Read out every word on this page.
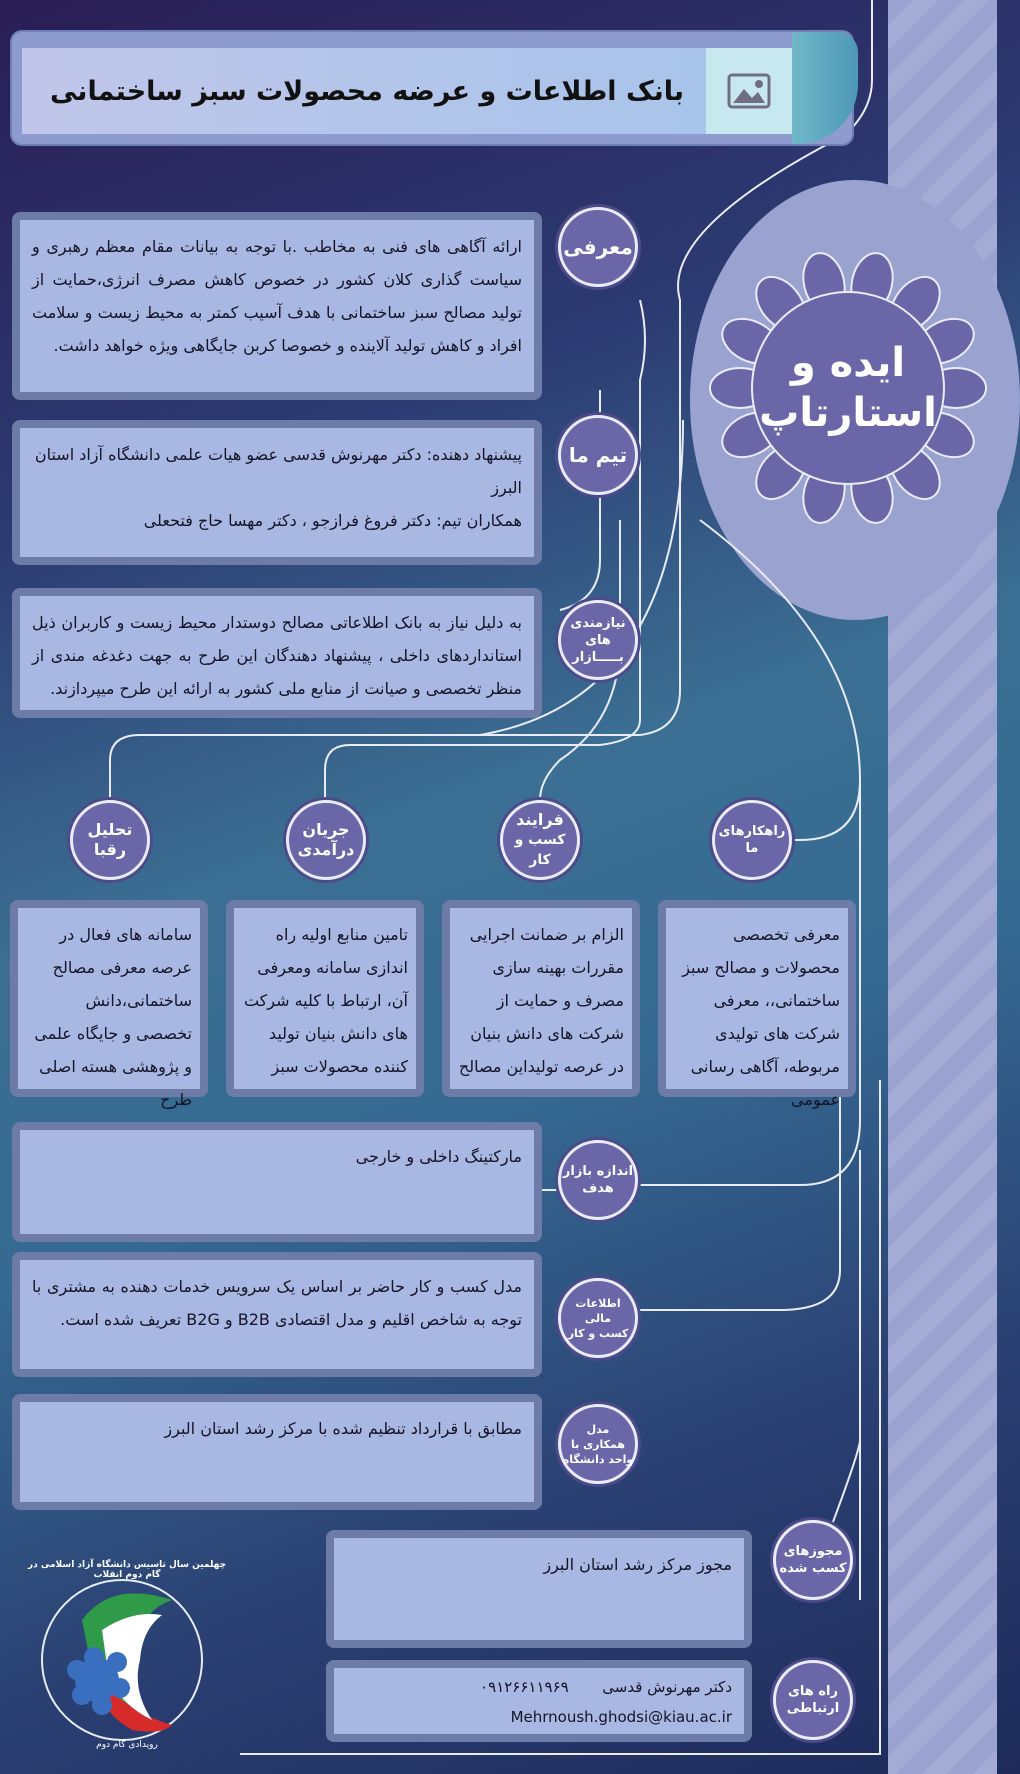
بانک اطلاعات و عرضه محصولات سبز ساختمانی
ایده و
استارتاپ
ارائه آگاهی های فنی به مخاطب .با توجه به بیانات مقام معظم رهبری و سیاست گذاری کلان کشور در خصوص کاهش مصرف انرژی،حمایت از تولید مصالح سبز ساختمانی با هدف آسیب کمتر به محیط زیست و سلامت افراد و کاهش تولید آلاینده و خصوصا کربن جایگاهی ویژه خواهد داشت.
معرفی
پیشنهاد دهنده: دکتر مهرنوش قدسی عضو هیات علمی دانشگاه آزاد استان البرز
همکاران تیم: دکتر فروغ فرازجو ، دکتر مهسا حاج فتحعلی
تیم ما
به دلیل نیاز به بانک اطلاعاتی مصالح دوستدار محیط زیست و کاربران ذیل استانداردهای داخلی ، پیشنهاد دهندگان این طرح به جهت دغدغه مندی از منظر تخصصی و صیانت از منابع ملی کشور به ارائه این طرح میپردازند.
نیازمندی های
بـــــازار
راهکارهای
ما
فرایند
کسب و کار
جریان
درآمدی
تحلیل رقبا
معرفی تخصصی محصولات و مصالح سبز ساختمانی،، معرفی شرکت های تولیدی مربوطه، آگاهی رسانی عمومی
الزام بر ضمانت اجرایی مقررات بهینه سازی مصرف و حمایت از شرکت های دانش بنیان در عرصه تولیداین مصالح
تامین منابع اولیه راه اندازی سامانه ومعرفی آن، ارتباط با کلیه شرکت های دانش بنیان تولید کننده محصولات سبز
سامانه های فعال در عرصه معرفی مصالح ساختمانی،دانش تخصصی و جایگاه علمی و پژوهشی هسته اصلی طرح
مارکتینگ داخلی و خارجی
اندازه بازار
هدف
مدل کسب و کار حاضر بر اساس یک سرویس خدمات دهنده به مشتری با توجه به شاخص اقلیم و مدل اقتصادی B2B و B2G تعریف شده است.
اطلاعات مالی
کسب و کار
مطابق با قرارداد تنظیم شده با مرکز رشد استان البرز	مدل
همکاری با
واحد دانشگاه
مجوز مرکز رشد استان البرز
مجوزهای
کسب شده
دکتر مهرنوش قدسی  ۰۹۱۲۶۶۱۱۹۶۹
Mehrnoush.ghodsi@kiau.ac.ir
راه های
ارتباطی
چهلمین سال تاسیس دانشگاه آزاد اسلامی در گام دوم انقلاب
رویدادی گام دوم
